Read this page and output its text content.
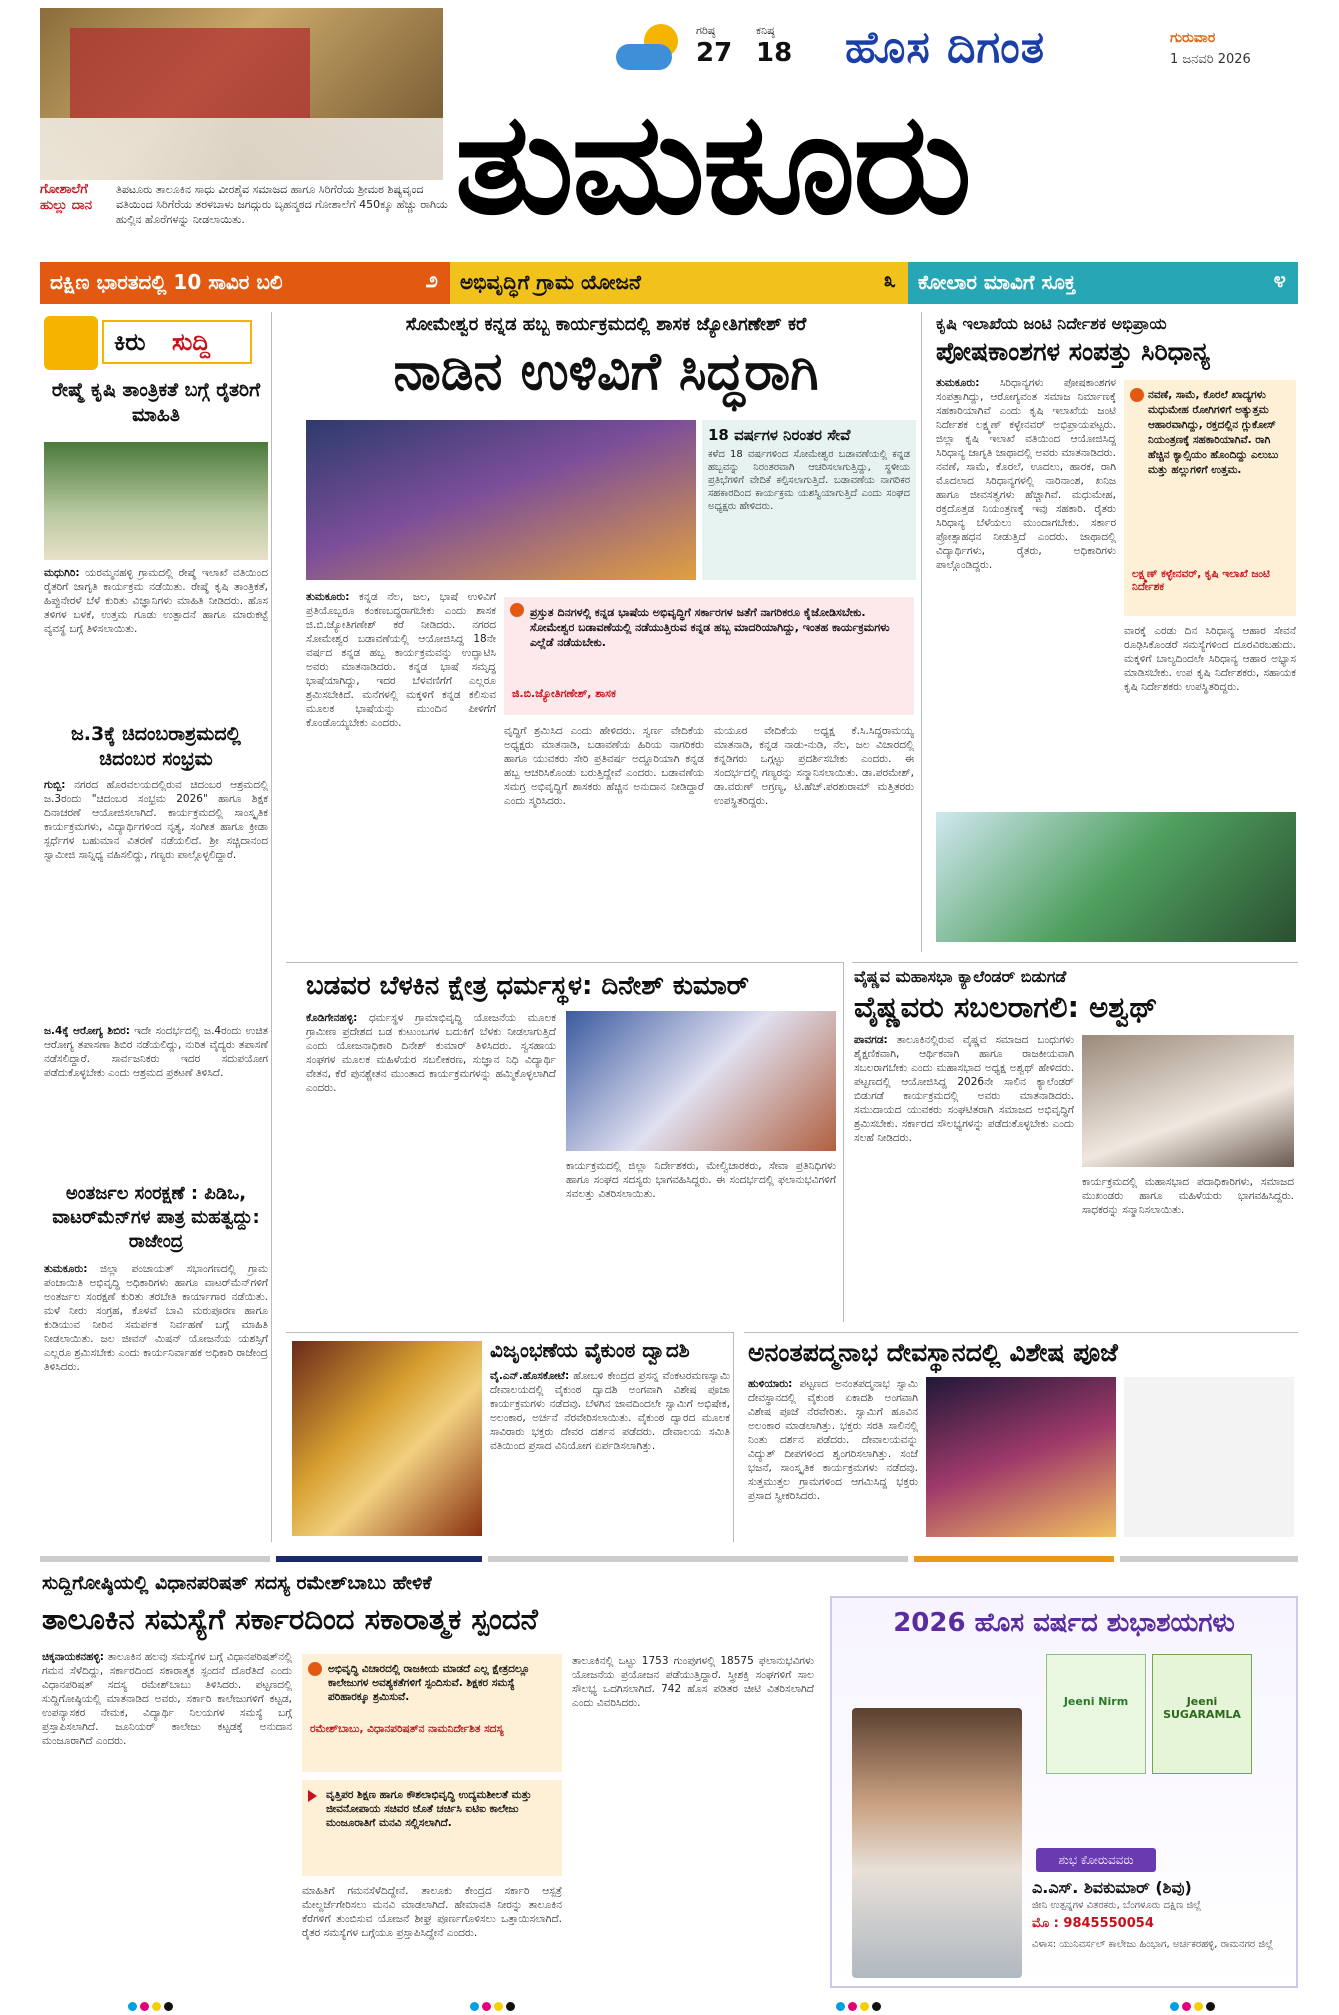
ಗೋಶಾಲೆಗೆ ಹುಲ್ಲು ದಾನ
ತಿಪಟೂರು ತಾಲೂಕಿನ ಸಾಧು ವೀರಶೈವ ಸಮಾಜದ ಹಾಗೂ ಸಿರಿಗೆರೆಯ ಶ್ರೀಮಠ ಶಿಷ್ಯವೃಂದ ವತಿಯಿಂದ ಸಿರಿಗೆರೆಯ ತರಳಬಾಳು ಜಗದ್ಗುರು ಬೃಹನ್ಮಠದ ಗೋಶಾಲೆಗೆ 450ಕ್ಕೂ ಹೆಚ್ಚು ರಾಗಿಯ ಹುಲ್ಲಿನ ಹೊರೆಗಳನ್ನು ನೀಡಲಾಯಿತು.
ಗರಿಷ್ಠ
27
ಕನಿಷ್ಠ
18 ಹೊಸ ದಿಗಂತ	ಗುರುವಾರ
1 ಜನವರಿ 2026
ತುಮಕೂರು
ದಕ್ಷಿಣ ಭಾರತದಲ್ಲಿ 10 ಸಾವಿರ ಬಲಿ	೨ ಅಭಿವೃದ್ಧಿಗೆ ಗ್ರಾಮ ಯೋಜನೆ	೩ ಕೋಲಾರ ಮಾವಿಗೆ ಸೂಕ್ತ	೪
ಕಿರು ಸುದ್ದಿ
ರೇಷ್ಮೆ ಕೃಷಿ ತಾಂತ್ರಿಕತೆ ಬಗ್ಗೆ ರೈತರಿಗೆ ಮಾಹಿತಿ
ಮಧುಗಿರಿ: ಯರಮ್ಮನಹಳ್ಳಿ ಗ್ರಾಮದಲ್ಲಿ ರೇಷ್ಮೆ ಇಲಾಖೆ ವತಿಯಿಂದ ರೈತರಿಗೆ ಜಾಗೃತಿ ಕಾರ್ಯಕ್ರಮ ನಡೆಯಿತು. ರೇಷ್ಮೆ ಕೃಷಿ ತಾಂತ್ರಿಕತೆ, ಹಿಪ್ಪುನೇರಳೆ ಬೆಳೆ ಕುರಿತು ವಿಜ್ಞಾನಿಗಳು ಮಾಹಿತಿ ನೀಡಿದರು. ಹೊಸ ತಳಿಗಳ ಬಳಕೆ, ಉತ್ತಮ ಗೂಡು ಉತ್ಪಾದನೆ ಹಾಗೂ ಮಾರುಕಟ್ಟೆ ವ್ಯವಸ್ಥೆ ಬಗ್ಗೆ ತಿಳಿಸಲಾಯಿತು.
ಜ.3ಕ್ಕೆ ಚಿದಂಬರಾಶ್ರಮದಲ್ಲಿ ಚಿದಂಬರ ಸಂಭ್ರಮ
ಗುಬ್ಬಿ: ನಗರದ ಹೊರವಲಯದಲ್ಲಿರುವ ಚಿದಂಬರ ಆಶ್ರಮದಲ್ಲಿ ಜ.3ರಂದು "ಚಿದಂಬರ ಸಂಭ್ರಮ 2026" ಹಾಗೂ ಶಿಕ್ಷಕ ದಿನಾಚರಣೆ ಆಯೋಜಿಸಲಾಗಿದೆ. ಕಾರ್ಯಕ್ರಮದಲ್ಲಿ ಸಾಂಸ್ಕೃತಿಕ ಕಾರ್ಯಕ್ರಮಗಳು, ವಿದ್ಯಾರ್ಥಿಗಳಿಂದ ನೃತ್ಯ, ಸಂಗೀತ ಹಾಗೂ ಕ್ರೀಡಾ ಸ್ಪರ್ಧೆಗಳ ಬಹುಮಾನ ವಿತರಣೆ ನಡೆಯಲಿದೆ. ಶ್ರೀ ಸಚ್ಚಿದಾನಂದ ಸ್ವಾಮೀಜಿ ಸಾನ್ನಿಧ್ಯ ವಹಿಸಲಿದ್ದು, ಗಣ್ಯರು ಪಾಲ್ಗೊಳ್ಳಲಿದ್ದಾರೆ.
ಜ.4ಕ್ಕೆ ಆರೋಗ್ಯ ಶಿಬಿರ: ಇದೇ ಸಂದರ್ಭದಲ್ಲಿ ಜ.4ರಂದು ಉಚಿತ ಆರೋಗ್ಯ ತಪಾಸಣಾ ಶಿಬಿರ ನಡೆಯಲಿದ್ದು, ನುರಿತ ವೈದ್ಯರು ತಪಾಸಣೆ ನಡೆಸಲಿದ್ದಾರೆ. ಸಾರ್ವಜನಿಕರು ಇದರ ಸದುಪಯೋಗ ಪಡೆದುಕೊಳ್ಳಬೇಕು ಎಂದು ಆಶ್ರಮದ ಪ್ರಕಟಣೆ ತಿಳಿಸಿದೆ.
ಅಂತರ್ಜಲ ಸಂರಕ್ಷಣೆ : ಪಿಡಿಒ, ವಾಟರ್‌ಮೆನ್‌ಗಳ ಪಾತ್ರ ಮಹತ್ವದ್ದು: ರಾಜೇಂದ್ರ
ತುಮಕೂರು: ಜಿಲ್ಲಾ ಪಂಚಾಯತ್ ಸಭಾಂಗಣದಲ್ಲಿ ಗ್ರಾಮ ಪಂಚಾಯಿತಿ ಅಭಿವೃದ್ಧಿ ಅಧಿಕಾರಿಗಳು ಹಾಗೂ ವಾಟರ್‌ಮೆನ್‌ಗಳಿಗೆ ಅಂತರ್ಜಲ ಸಂರಕ್ಷಣೆ ಕುರಿತು ತರಬೇತಿ ಕಾರ್ಯಾಗಾರ ನಡೆಯಿತು. ಮಳೆ ನೀರು ಸಂಗ್ರಹ, ಕೊಳವೆ ಬಾವಿ ಮರುಪೂರಣ ಹಾಗೂ ಕುಡಿಯುವ ನೀರಿನ ಸಮರ್ಪಕ ನಿರ್ವಹಣೆ ಬಗ್ಗೆ ಮಾಹಿತಿ ನೀಡಲಾಯಿತು. ಜಲ ಜೀವನ್ ಮಿಷನ್ ಯೋಜನೆಯ ಯಶಸ್ಸಿಗೆ ಎಲ್ಲರೂ ಶ್ರಮಿಸಬೇಕು ಎಂದು ಕಾರ್ಯನಿರ್ವಾಹಕ ಅಧಿಕಾರಿ ರಾಜೇಂದ್ರ ತಿಳಿಸಿದರು.
ಸೋಮೇಶ್ವರ ಕನ್ನಡ ಹಬ್ಬ ಕಾರ್ಯಕ್ರಮದಲ್ಲಿ ಶಾಸಕ ಜ್ಯೋತಿಗಣೇಶ್ ಕರೆ
ನಾಡಿನ ಉಳಿವಿಗೆ ಸಿದ್ಧರಾಗಿ
18 ವರ್ಷಗಳ ನಿರಂತರ ಸೇವೆ
ಕಳೆದ 18 ವರ್ಷಗಳಿಂದ ಸೋಮೇಶ್ವರ ಬಡಾವಣೆಯಲ್ಲಿ ಕನ್ನಡ ಹಬ್ಬವನ್ನು ನಿರಂತರವಾಗಿ ಆಚರಿಸಲಾಗುತ್ತಿದ್ದು, ಸ್ಥಳೀಯ ಪ್ರತಿಭೆಗಳಿಗೆ ವೇದಿಕೆ ಕಲ್ಪಿಸಲಾಗುತ್ತಿದೆ. ಬಡಾವಣೆಯ ನಾಗರಿಕರ ಸಹಕಾರದಿಂದ ಕಾರ್ಯಕ್ರಮ ಯಶಸ್ವಿಯಾಗುತ್ತಿದೆ ಎಂದು ಸಂಘದ ಅಧ್ಯಕ್ಷರು ಹೇಳಿದರು.
ತುಮಕೂರು: ಕನ್ನಡ ನೆಲ, ಜಲ, ಭಾಷೆ ಉಳಿವಿಗೆ ಪ್ರತಿಯೊಬ್ಬರೂ ಕಂಕಣಬದ್ಧರಾಗಬೇಕು ಎಂದು ಶಾಸಕ ಜಿ.ಬಿ.ಜ್ಯೋತಿಗಣೇಶ್ ಕರೆ ನೀಡಿದರು. ನಗರದ ಸೋಮೇಶ್ವರ ಬಡಾವಣೆಯಲ್ಲಿ ಆಯೋಜಿಸಿದ್ದ 18ನೇ ವರ್ಷದ ಕನ್ನಡ ಹಬ್ಬ ಕಾರ್ಯಕ್ರಮವನ್ನು ಉದ್ಘಾಟಿಸಿ ಅವರು ಮಾತನಾಡಿದರು. ಕನ್ನಡ ಭಾಷೆ ಸಮೃದ್ಧ ಭಾಷೆಯಾಗಿದ್ದು, ಇದರ ಬೆಳವಣಿಗೆಗೆ ಎಲ್ಲರೂ ಶ್ರಮಿಸಬೇಕಿದೆ. ಮನೆಗಳಲ್ಲಿ ಮಕ್ಕಳಿಗೆ ಕನ್ನಡ ಕಲಿಸುವ ಮೂಲಕ ಭಾಷೆಯನ್ನು ಮುಂದಿನ ಪೀಳಿಗೆಗೆ ಕೊಂಡೊಯ್ಯಬೇಕು ಎಂದರು.
ಪ್ರಸ್ತುತ ದಿನಗಳಲ್ಲಿ ಕನ್ನಡ ಭಾಷೆಯ ಅಭಿವೃದ್ಧಿಗೆ ಸರ್ಕಾರಗಳ ಜತೆಗೆ ನಾಗರಿಕರೂ ಕೈಜೋಡಿಸಬೇಕು. ಸೋಮೇಶ್ವರ ಬಡಾವಣೆಯಲ್ಲಿ ನಡೆಯುತ್ತಿರುವ ಕನ್ನಡ ಹಬ್ಬ ಮಾದರಿಯಾಗಿದ್ದು, ಇಂತಹ ಕಾರ್ಯಕ್ರಮಗಳು ಎಲ್ಲೆಡೆ ನಡೆಯಬೇಕು.
ಜಿ.ಬಿ.ಜ್ಯೋತಿಗಣೇಶ್, ಶಾಸಕ
ವೃದ್ಧಿಗೆ ಶ್ರಮಿಸಿದ ಎಂದು ಹೇಳಿದರು. ಸ್ವರ್ಣ ವೇದಿಕೆಯ ಅಧ್ಯಕ್ಷರು ಮಾತನಾಡಿ, ಬಡಾವಣೆಯ ಹಿರಿಯ ನಾಗರಿಕರು ಹಾಗೂ ಯುವಕರು ಸೇರಿ ಪ್ರತಿವರ್ಷ ಅದ್ದೂರಿಯಾಗಿ ಕನ್ನಡ ಹಬ್ಬ ಆಚರಿಸಿಕೊಂಡು ಬರುತ್ತಿದ್ದೇವೆ ಎಂದರು. ಬಡಾವಣೆಯ ಸಮಗ್ರ ಅಭಿವೃದ್ಧಿಗೆ ಶಾಸಕರು ಹೆಚ್ಚಿನ ಅನುದಾನ ನೀಡಿದ್ದಾರೆ ಎಂದು ಸ್ಮರಿಸಿದರು.
ಮಯೂರ ವೇದಿಕೆಯ ಅಧ್ಯಕ್ಷ ಕೆ.ಸಿ.ಸಿದ್ಧರಾಮಯ್ಯ ಮಾತನಾಡಿ, ಕನ್ನಡ ನಾಡು-ನುಡಿ, ನೆಲ, ಜಲ ವಿಚಾರದಲ್ಲಿ ಕನ್ನಡಿಗರು ಒಗ್ಗಟ್ಟು ಪ್ರದರ್ಶಿಸಬೇಕು ಎಂದರು. ಈ ಸಂದರ್ಭದಲ್ಲಿ ಗಣ್ಯರನ್ನು ಸನ್ಮಾನಿಸಲಾಯಿತು. ಡಾ.ಪರಮೇಶ್, ಡಾ.ವರುಣ್ ಅಗ್ರಣ್ಯ, ಟಿ.ಹೆಚ್.ಪರಶುರಾಮ್ ಮತ್ತಿತರರು ಉಪಸ್ಥಿತರಿದ್ದರು.
ಕೃಷಿ ಇಲಾಖೆಯ ಜಂಟಿ ನಿರ್ದೇಶಕ ಅಭಿಪ್ರಾಯ
ಪೋಷಕಾಂಶಗಳ ಸಂಪತ್ತು ಸಿರಿಧಾನ್ಯ
ತುಮಕೂರು: ಸಿರಿಧಾನ್ಯಗಳು ಪೋಷಕಾಂಶಗಳ ಸಂಪತ್ತಾಗಿದ್ದು, ಆರೋಗ್ಯವಂತ ಸಮಾಜ ನಿರ್ಮಾಣಕ್ಕೆ ಸಹಕಾರಿಯಾಗಿವೆ ಎಂದು ಕೃಷಿ ಇಲಾಖೆಯ ಜಂಟಿ ನಿರ್ದೇಶಕ ಲಕ್ಷ್ಮಣ್ ಕಳ್ಳೇನವರ್ ಅಭಿಪ್ರಾಯಪಟ್ಟರು. ಜಿಲ್ಲಾ ಕೃಷಿ ಇಲಾಖೆ ವತಿಯಿಂದ ಆಯೋಜಿಸಿದ್ದ ಸಿರಿಧಾನ್ಯ ಜಾಗೃತಿ ಜಾಥಾದಲ್ಲಿ ಅವರು ಮಾತನಾಡಿದರು. ನವಣೆ, ಸಾಮೆ, ಕೊರಲೆ, ಊದಲು, ಹಾರಕ, ರಾಗಿ ಮೊದಲಾದ ಸಿರಿಧಾನ್ಯಗಳಲ್ಲಿ ನಾರಿನಾಂಶ, ಖನಿಜ ಹಾಗೂ ಜೀವಸತ್ವಗಳು ಹೆಚ್ಚಾಗಿವೆ. ಮಧುಮೇಹ, ರಕ್ತದೊತ್ತಡ ನಿಯಂತ್ರಣಕ್ಕೆ ಇವು ಸಹಕಾರಿ. ರೈತರು ಸಿರಿಧಾನ್ಯ ಬೆಳೆಯಲು ಮುಂದಾಗಬೇಕು. ಸರ್ಕಾರ ಪ್ರೋತ್ಸಾಹಧನ ನೀಡುತ್ತಿದೆ ಎಂದರು. ಜಾಥಾದಲ್ಲಿ ವಿದ್ಯಾರ್ಥಿಗಳು, ರೈತರು, ಅಧಿಕಾರಿಗಳು ಪಾಲ್ಗೊಂಡಿದ್ದರು.
ನವಣೆ, ಸಾಮೆ, ಕೊರಲೆ ಖಾದ್ಯಗಳು ಮಧುಮೇಹ ರೋಗಿಗಳಿಗೆ ಅತ್ಯುತ್ತಮ ಆಹಾರವಾಗಿದ್ದು, ರಕ್ತದಲ್ಲಿನ ಗ್ಲುಕೋಸ್ ನಿಯಂತ್ರಣಕ್ಕೆ ಸಹಕಾರಿಯಾಗಿವೆ. ರಾಗಿ ಹೆಚ್ಚಿನ ಕ್ಯಾಲ್ಸಿಯಂ ಹೊಂದಿದ್ದು ಎಲುಬು ಮತ್ತು ಹಲ್ಲುಗಳಿಗೆ ಉತ್ತಮ.
ಲಕ್ಷ್ಮಣ್ ಕಳ್ಳೇನವರ್, ಕೃಷಿ ಇಲಾಖೆ ಜಂಟಿ ನಿರ್ದೇಶಕ
ವಾರಕ್ಕೆ ಎರಡು ದಿನ ಸಿರಿಧಾನ್ಯ ಆಹಾರ ಸೇವನೆ ರೂಢಿಸಿಕೊಂಡರೆ ಸಮಸ್ಯೆಗಳಿಂದ ದೂರವಿರಬಹುದು. ಮಕ್ಕಳಿಗೆ ಬಾಲ್ಯದಿಂದಲೇ ಸಿರಿಧಾನ್ಯ ಆಹಾರ ಅಭ್ಯಾಸ ಮಾಡಿಸಬೇಕು. ಉಪ ಕೃಷಿ ನಿರ್ದೇಶಕರು, ಸಹಾಯಕ ಕೃಷಿ ನಿರ್ದೇಶಕರು ಉಪಸ್ಥಿತರಿದ್ದರು.
ಬಡವರ ಬೆಳಕಿನ ಕ್ಷೇತ್ರ ಧರ್ಮಸ್ಥಳ: ದಿನೇಶ್ ಕುಮಾರ್
ಕೊಡಿಗೇನಹಳ್ಳಿ: ಧರ್ಮಸ್ಥಳ ಗ್ರಾಮಾಭಿವೃದ್ಧಿ ಯೋಜನೆಯ ಮೂಲಕ ಗ್ರಾಮೀಣ ಪ್ರದೇಶದ ಬಡ ಕುಟುಂಬಗಳ ಬದುಕಿಗೆ ಬೆಳಕು ನೀಡಲಾಗುತ್ತಿದೆ ಎಂದು ಯೋಜನಾಧಿಕಾರಿ ದಿನೇಶ್ ಕುಮಾರ್ ತಿಳಿಸಿದರು. ಸ್ವಸಹಾಯ ಸಂಘಗಳ ಮೂಲಕ ಮಹಿಳೆಯರ ಸಬಲೀಕರಣ, ಸುಜ್ಞಾನ ನಿಧಿ ವಿದ್ಯಾರ್ಥಿ ವೇತನ, ಕೆರೆ ಪುನಶ್ಚೇತನ ಮುಂತಾದ ಕಾರ್ಯಕ್ರಮಗಳನ್ನು ಹಮ್ಮಿಕೊಳ್ಳಲಾಗಿದೆ ಎಂದರು.
ಕಾರ್ಯಕ್ರಮದಲ್ಲಿ ಜಿಲ್ಲಾ ನಿರ್ದೇಶಕರು, ಮೇಲ್ವಿಚಾರಕರು, ಸೇವಾ ಪ್ರತಿನಿಧಿಗಳು ಹಾಗೂ ಸಂಘದ ಸದಸ್ಯರು ಭಾಗವಹಿಸಿದ್ದರು. ಈ ಸಂದರ್ಭದಲ್ಲಿ ಫಲಾನುಭವಿಗಳಿಗೆ ಸವಲತ್ತು ವಿತರಿಸಲಾಯಿತು.
ವೈಷ್ಣವ ಮಹಾಸಭಾ ಕ್ಯಾಲೆಂಡರ್ ಬಿಡುಗಡೆ
ವೈಷ್ಣವರು ಸಬಲರಾಗಲಿ: ಅಶ್ವಥ್
ಪಾವಗಡ: ತಾಲೂಕಿನಲ್ಲಿರುವ ವೈಷ್ಣವ ಸಮಾಜದ ಬಂಧುಗಳು ಶೈಕ್ಷಣಿಕವಾಗಿ, ಆರ್ಥಿಕವಾಗಿ ಹಾಗೂ ರಾಜಕೀಯವಾಗಿ ಸಬಲರಾಗಬೇಕು ಎಂದು ಮಹಾಸಭಾದ ಅಧ್ಯಕ್ಷ ಅಶ್ವಥ್ ಹೇಳಿದರು. ಪಟ್ಟಣದಲ್ಲಿ ಆಯೋಜಿಸಿದ್ದ 2026ನೇ ಸಾಲಿನ ಕ್ಯಾಲೆಂಡರ್ ಬಿಡುಗಡೆ ಕಾರ್ಯಕ್ರಮದಲ್ಲಿ ಅವರು ಮಾತನಾಡಿದರು. ಸಮುದಾಯದ ಯುವಕರು ಸಂಘಟಿತರಾಗಿ ಸಮಾಜದ ಅಭಿವೃದ್ಧಿಗೆ ಶ್ರಮಿಸಬೇಕು. ಸರ್ಕಾರದ ಸೌಲಭ್ಯಗಳನ್ನು ಪಡೆದುಕೊಳ್ಳಬೇಕು ಎಂದು ಸಲಹೆ ನೀಡಿದರು.
ಕಾರ್ಯಕ್ರಮದಲ್ಲಿ ಮಹಾಸಭಾದ ಪದಾಧಿಕಾರಿಗಳು, ಸಮಾಜದ ಮುಖಂಡರು ಹಾಗೂ ಮಹಿಳೆಯರು ಭಾಗವಹಿಸಿದ್ದರು. ಸಾಧಕರನ್ನು ಸನ್ಮಾನಿಸಲಾಯಿತು.
ವಿಜೃಂಭಣೆಯ ವೈಕುಂಠ ದ್ವಾದಶಿ
ವೈ.ಎನ್.ಹೊಸಕೋಟೆ: ಹೋಬಳಿ ಕೇಂದ್ರದ ಪ್ರಸನ್ನ ವೆಂಕಟರಮಣಸ್ವಾಮಿ ದೇವಾಲಯದಲ್ಲಿ ವೈಕುಂಠ ದ್ವಾದಶಿ ಅಂಗವಾಗಿ ವಿಶೇಷ ಪೂಜಾ ಕಾರ್ಯಕ್ರಮಗಳು ನಡೆದವು. ಬೆಳಗಿನ ಜಾವದಿಂದಲೇ ಸ್ವಾಮಿಗೆ ಅಭಿಷೇಕ, ಅಲಂಕಾರ, ಅರ್ಚನೆ ನೆರವೇರಿಸಲಾಯಿತು. ವೈಕುಂಠ ದ್ವಾರದ ಮೂಲಕ ಸಾವಿರಾರು ಭಕ್ತರು ದೇವರ ದರ್ಶನ ಪಡೆದರು. ದೇವಾಲಯ ಸಮಿತಿ ವತಿಯಿಂದ ಪ್ರಸಾದ ವಿನಿಯೋಗ ಏರ್ಪಡಿಸಲಾಗಿತ್ತು.
ಅನಂತಪದ್ಮನಾಭ ದೇವಸ್ಥಾನದಲ್ಲಿ ವಿಶೇಷ ಪೂಜೆ
ಹುಳಿಯಾರು: ಪಟ್ಟಣದ ಅನಂತಪದ್ಮನಾಭ ಸ್ವಾಮಿ ದೇವಸ್ಥಾನದಲ್ಲಿ ವೈಕುಂಠ ಏಕಾದಶಿ ಅಂಗವಾಗಿ ವಿಶೇಷ ಪೂಜೆ ನೆರವೇರಿತು. ಸ್ವಾಮಿಗೆ ಹೂವಿನ ಅಲಂಕಾರ ಮಾಡಲಾಗಿತ್ತು. ಭಕ್ತರು ಸರತಿ ಸಾಲಿನಲ್ಲಿ ನಿಂತು ದರ್ಶನ ಪಡೆದರು. ದೇವಾಲಯವನ್ನು ವಿದ್ಯುತ್ ದೀಪಗಳಿಂದ ಶೃಂಗರಿಸಲಾಗಿತ್ತು. ಸಂಜೆ ಭಜನೆ, ಸಾಂಸ್ಕೃತಿಕ ಕಾರ್ಯಕ್ರಮಗಳು ನಡೆದವು. ಸುತ್ತಮುತ್ತಲ ಗ್ರಾಮಗಳಿಂದ ಆಗಮಿಸಿದ್ದ ಭಕ್ತರು ಪ್ರಸಾದ ಸ್ವೀಕರಿಸಿದರು.
ಸುದ್ದಿಗೋಷ್ಠಿಯಲ್ಲಿ ವಿಧಾನಪರಿಷತ್ ಸದಸ್ಯ ರಮೇಶ್‌ಬಾಬು ಹೇಳಿಕೆ
ತಾಲೂಕಿನ ಸಮಸ್ಯೆಗೆ ಸರ್ಕಾರದಿಂದ ಸಕಾರಾತ್ಮಕ ಸ್ಪಂದನೆ
ಚಿಕ್ಕನಾಯಕನಹಳ್ಳಿ: ತಾಲೂಕಿನ ಹಲವು ಸಮಸ್ಯೆಗಳ ಬಗ್ಗೆ ವಿಧಾನಪರಿಷತ್‌ನಲ್ಲಿ ಗಮನ ಸೆಳೆದಿದ್ದು, ಸರ್ಕಾರದಿಂದ ಸಕಾರಾತ್ಮಕ ಸ್ಪಂದನೆ ದೊರೆತಿದೆ ಎಂದು ವಿಧಾನಪರಿಷತ್ ಸದಸ್ಯ ರಮೇಶ್‌ಬಾಬು ತಿಳಿಸಿದರು. ಪಟ್ಟಣದಲ್ಲಿ ಸುದ್ದಿಗೋಷ್ಠಿಯಲ್ಲಿ ಮಾತನಾಡಿದ ಅವರು, ಸರ್ಕಾರಿ ಕಾಲೇಜುಗಳಿಗೆ ಕಟ್ಟಡ, ಉಪನ್ಯಾಸಕರ ನೇಮಕ, ವಿದ್ಯಾರ್ಥಿ ನಿಲಯಗಳ ಸಮಸ್ಯೆ ಬಗ್ಗೆ ಪ್ರಸ್ತಾಪಿಸಲಾಗಿದೆ. ಜೂನಿಯರ್ ಕಾಲೇಜು ಕಟ್ಟಡಕ್ಕೆ ಅನುದಾನ ಮಂಜೂರಾಗಿದೆ ಎಂದರು.
ಅಭಿವೃದ್ಧಿ ವಿಚಾರದಲ್ಲಿ ರಾಜಕೀಯ ಮಾಡದೆ ಎಲ್ಲ ಕ್ಷೇತ್ರದಲ್ಲೂ ಕಾಲೇಜುಗಳ ಅವಶ್ಯಕತೆಗಳಿಗೆ ಸ್ಪಂದಿಸುವೆ. ಶಿಕ್ಷಕರ ಸಮಸ್ಯೆ ಪರಿಹಾರಕ್ಕೂ ಶ್ರಮಿಸುವೆ.
ರಮೇಶ್‌ಬಾಬು, ವಿಧಾನಪರಿಷತ್‌ನ ನಾಮನಿರ್ದೇಶಿತ ಸದಸ್ಯ
ವೃತ್ತಿಪರ ಶಿಕ್ಷಣ ಹಾಗೂ ಕೌಶಲಾಭಿವೃದ್ಧಿ ಉದ್ಯಮಶೀಲತೆ ಮತ್ತು ಜೀವನೋಪಾಯ ಸಚಿವರ ಜೊತೆ ಚರ್ಚಿಸಿ ಐಟಿಐ ಕಾಲೇಜು ಮಂಜೂರಾತಿಗೆ ಮನವಿ ಸಲ್ಲಿಸಲಾಗಿದೆ.
ಮಾಹಿತಿಗೆ ಗಮನಸೆಳೆದಿದ್ದೇನೆ. ತಾಲೂಕು ಕೇಂದ್ರದ ಸರ್ಕಾರಿ ಆಸ್ಪತ್ರೆ ಮೇಲ್ದರ್ಜೆಗೇರಿಸಲು ಮನವಿ ಮಾಡಲಾಗಿದೆ. ಹೇಮಾವತಿ ನೀರನ್ನು ತಾಲೂಕಿನ ಕೆರೆಗಳಿಗೆ ತುಂಬಿಸುವ ಯೋಜನೆ ಶೀಘ್ರ ಪೂರ್ಣಗೊಳಿಸಲು ಒತ್ತಾಯಿಸಲಾಗಿದೆ. ರೈತರ ಸಮಸ್ಯೆಗಳ ಬಗ್ಗೆಯೂ ಪ್ರಸ್ತಾಪಿಸಿದ್ದೇನೆ ಎಂದರು.
ತಾಲೂಕಿನಲ್ಲಿ ಒಟ್ಟು 1753 ಗುಂಪುಗಳಲ್ಲಿ 18575 ಫಲಾನುಭವಿಗಳು ಯೋಜನೆಯ ಪ್ರಯೋಜನ ಪಡೆಯುತ್ತಿದ್ದಾರೆ. ಸ್ತ್ರೀಶಕ್ತಿ ಸಂಘಗಳಿಗೆ ಸಾಲ ಸೌಲಭ್ಯ ಒದಗಿಸಲಾಗಿದೆ. 742 ಹೊಸ ಪಡಿತರ ಚೀಟಿ ವಿತರಿಸಲಾಗಿದೆ ಎಂದು ವಿವರಿಸಿದರು.
2026 ಹೊಸ ವರ್ಷದ ಶುಭಾಶಯಗಳು
Jeeni Nirm	Jeeni SUGARAMLA
ಶುಭ ಕೋರುವವರು
ಎ.ಎಸ್. ಶಿವಕುಮಾರ್ (ಶಿವು)
ಜೀನಿ ಉತ್ಪನ್ನಗಳ ವಿತರಕರು, ಬೆಂಗಳೂರು ದಕ್ಷಿಣ ಜಿಲ್ಲೆ
ಮೊ : 9845550054
ವಿಳಾಸ: ಯುನಿವರ್ಸಲ್ ಕಾಲೇಜು ಹಿಂಭಾಗ, ಅರ್ಚಕರಹಳ್ಳಿ, ರಾಮನಗರ ಜಿಲ್ಲೆ
